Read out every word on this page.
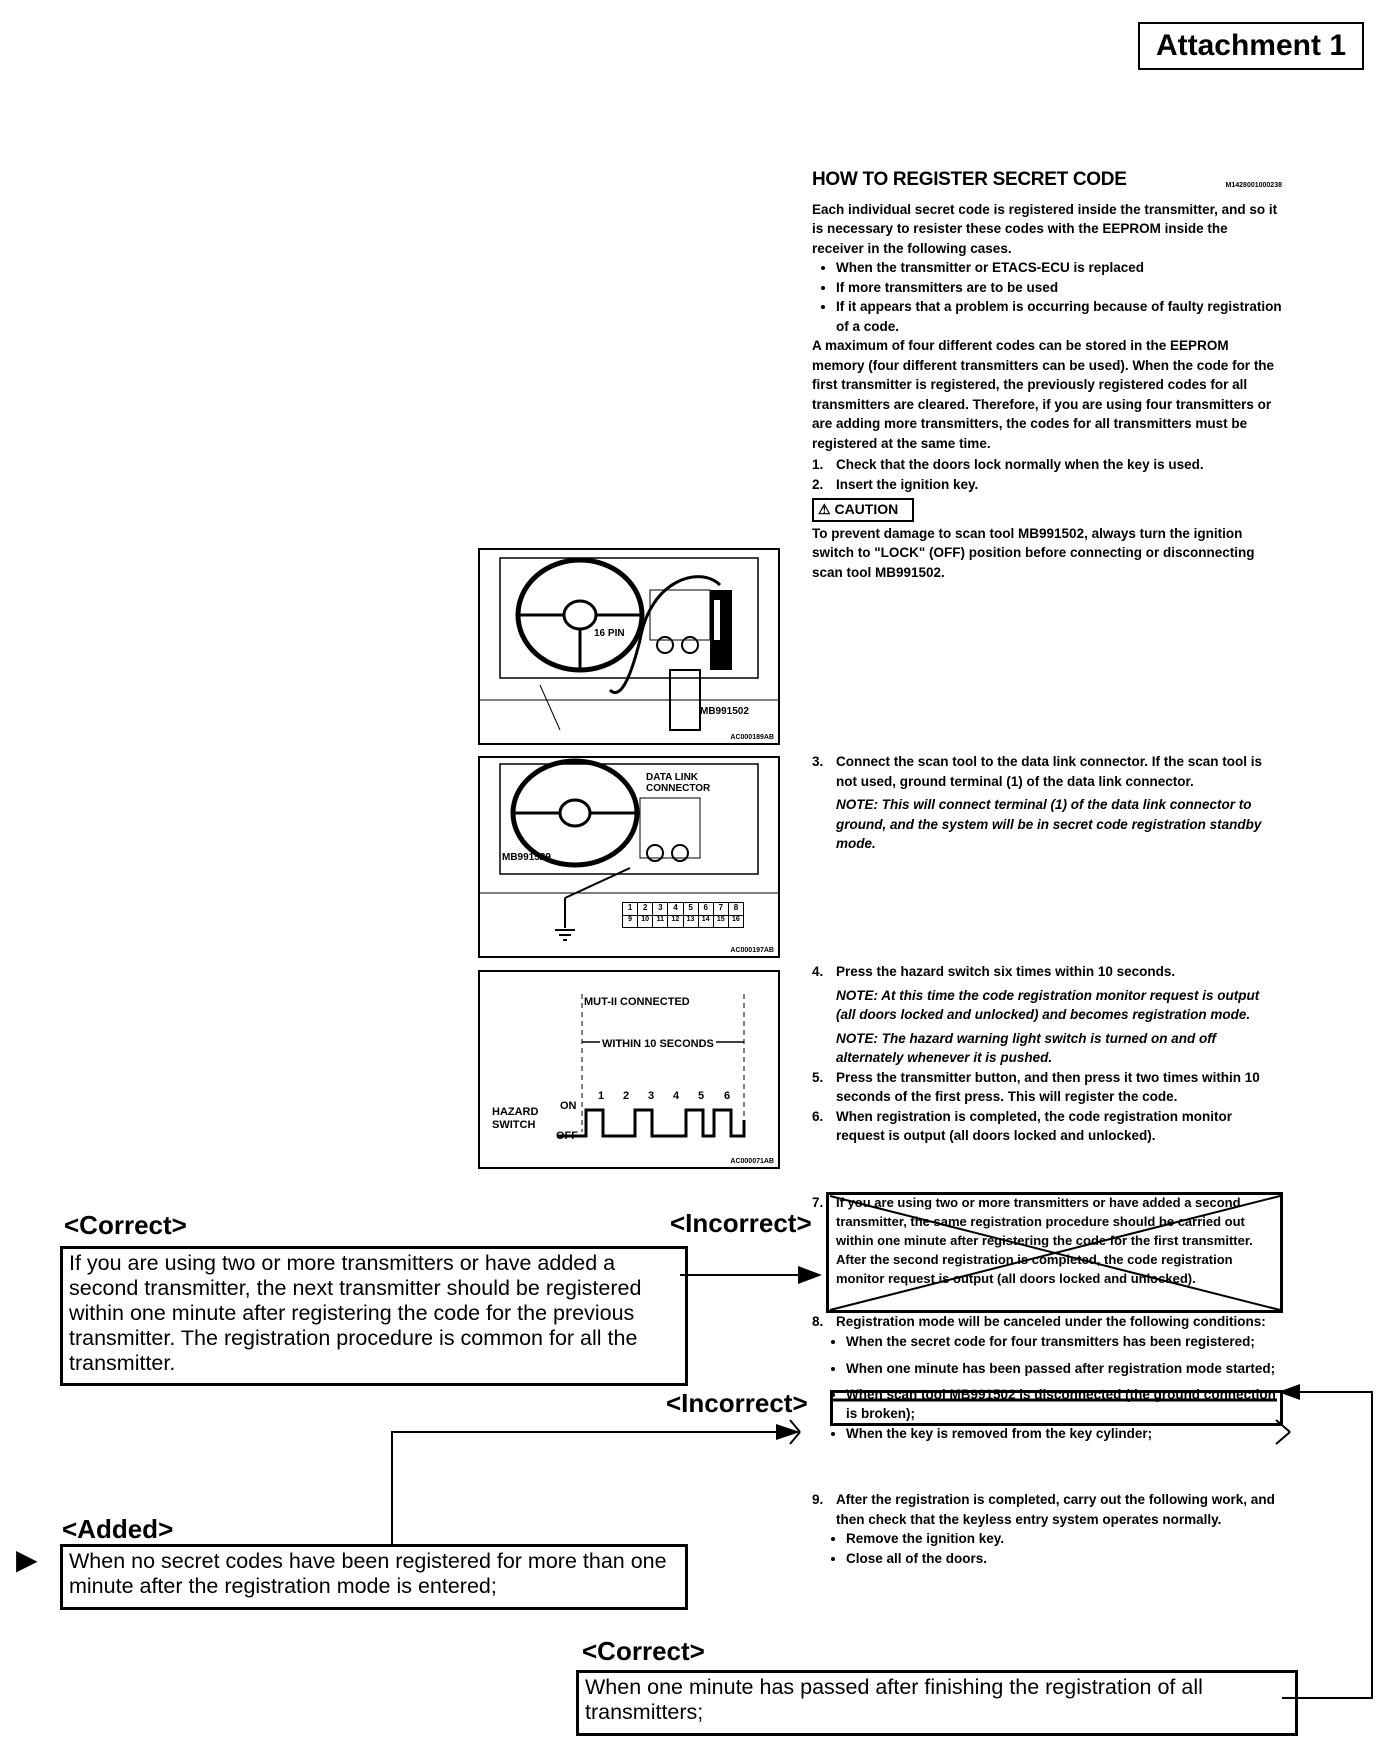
Attachment 1
M1428001000238
HOW TO REGISTER SECRET CODE

Each individual secret code is registered inside the transmitter, and so it is necessary to resister these codes with the EEPROM inside the receiver in the following cases.

• When the transmitter or ETACS-ECU is replaced
• If more transmitters are to be used
• If it appears that a problem is occurring because of faulty registration of a code.

A maximum of four different codes can be stored in the EEPROM memory (four different transmitters can be used). When the code for the first transmitter is registered, the previously registered codes for all transmitters are cleared. Therefore, if you are using four transmitters or are adding more transmitters, the codes for all transmitters must be registered at the same time.

1. Check that the doors lock normally when the key is used.
2. Insert the ignition key.
⚠ CAUTION

To prevent damage to scan tool MB991502, always turn the ignition switch to "LOCK" (OFF) position before connecting or disconnecting scan tool MB991502.

3. Connect the scan tool to the data link connector. If the scan tool is not used, ground terminal (1) of the data link connector.
NOTE: This will connect terminal (1) of the data link connector to ground, and the system will be in secret code registration standby mode.
4. Press the hazard switch six times within 10 seconds.
NOTE: At this time the code registration monitor request is output (all doors locked and unlocked) and becomes registration mode.
NOTE: The hazard warning light switch is turned on and off alternately whenever it is pushed.
5. Press the transmitter button, and then press it two times within 10 seconds of the first press. This will register the code.
6. When registration is completed, the code registration monitor request is output (all doors locked and unlocked).
7. If you are using two or more transmitters or have added a second transmitter, the same registration procedure should be carried out within one minute after registering the code for the first transmitter. After the second registration is completed, the code registration monitor request is output (all doors locked and unlocked).
8. Registration mode will be canceled under the following conditions:
• When the secret code for four transmitters has been registered;
• When one minute has been passed after registration mode started;
• When scan tool MB991502 is disconnected (the ground connection is broken);
• When the key is removed from the key cylinder;
9. After the registration is completed, carry out the following work, and then check that the keyless entry system operates normally.
• Remove the ignition key.
• Close all of the doors.
16 PIN
MB991502
AC000189AB
DATA LINK CONNECTOR
MB991529
1	2	3	4	5	6	7	8
9	10	11	12	13	14	15	16
AC000197AB
MUT-II CONNECTED
WITHIN 10 SECONDS
HAZARD
SWITCH
ON
OFF
1 2 3 4 5 6
AC000071AB
<Correct>
If you are using two or more transmitters or have added a second transmitter, the next transmitter should be registered within one minute after registering the code for the previous transmitter. The registration procedure is common for all the transmitter.
<Incorrect>
<Incorrect>
<Added>
▶	When no secret codes have been registered for more than one minute after the registration mode is entered;
<Correct>
When one minute has passed after finishing the registration of all transmitters;
